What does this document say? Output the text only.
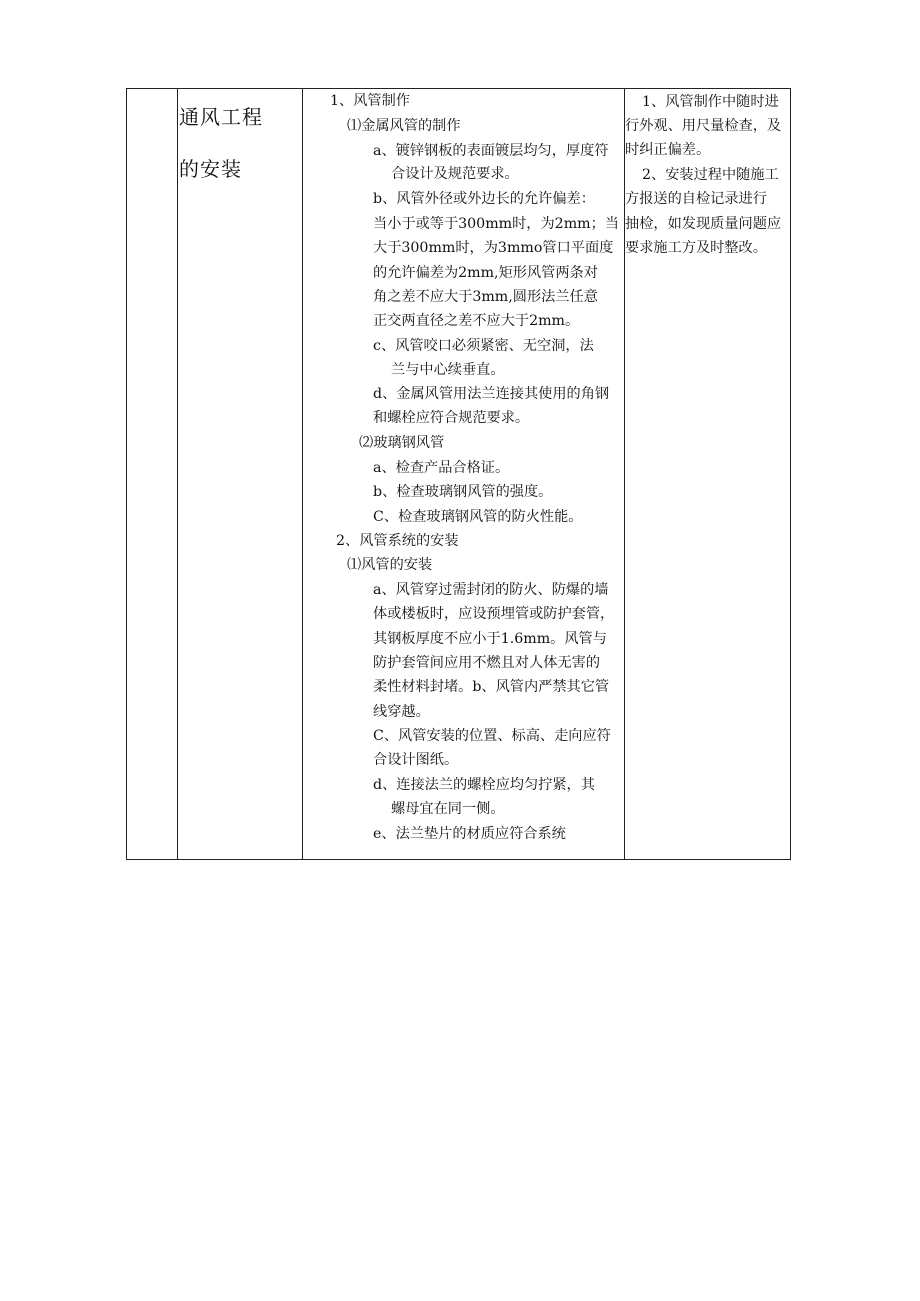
通风工程
的安装
1、风管制作
⑴金属风管的制作
a、镀锌钢板的表面镀层均匀，厚度符
合设计及规范要求。
b、风管外径或外边长的允许偏差：
当小于或等于300mm时，为2mm；当
大于300mm时，为3mmo管口平面度
的允许偏差为2mm,矩形风管两条对
角之差不应大于3mm,圆形法兰任意
正交两直径之差不应大于2mm。
c、风管咬口必须紧密、无空洞，法
兰与中心续垂直。
d、金属风管用法兰连接其使用的角钢
和螺栓应符合规范要求。
⑵玻璃钢风管
a、检查产品合格证。
b、检查玻璃钢风管的强度。
C、检查玻璃钢风管的防火性能。
2、风管系统的安装
⑴风管的安装
a、风管穿过需封闭的防火、防爆的墙
体或楼板时，应设预埋管或防护套管，
其钢板厚度不应小于1.6mm。风管与
防护套管间应用不燃且对人体无害的
柔性材料封堵。b、风管内严禁其它管
线穿越。
C、风管安装的位置、标高、走向应符
合设计图纸。
d、连接法兰的螺栓应均匀拧紧，其
螺母宜在同一侧。
e、法兰垫片的材质应符合系统
1、风管制作中随时进
行外观、用尺量检查，及
时纠正偏差。
2、安装过程中随施工
方报送的自检记录进行
抽检，如发现质量问题应
要求施工方及时整改。
